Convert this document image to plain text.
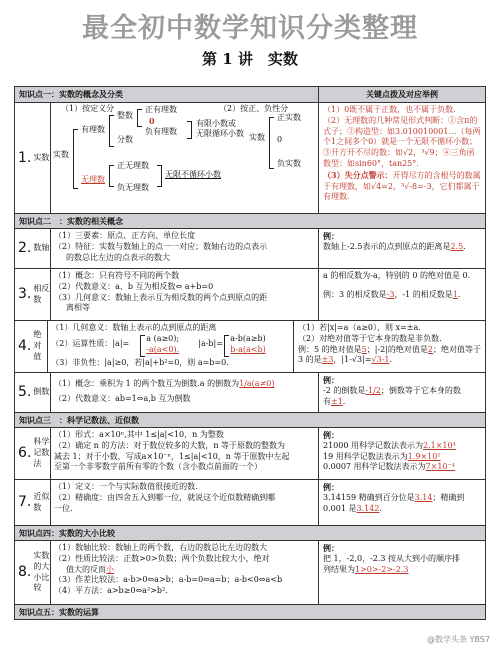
最全初中数学知识分类整理
第 1 讲　实数
知识点一：实数的概念及分类	关键点拨及对应举例
1. 实数
（1）按定义分	（2）按正、负性分
实数
有理数
整数
分数
正有理数
0
负有理数
有限小数或
无限循环小数
无理数
正无理数
负无理数
无限不循环小数
实数
正实数
0
负实数
（1）0既不属于正数，也不属于负数.
（2）无理数的几种常见形式判断：①含π的式子；②构造型：如3.010010001…（每两个1之间多个0）就是一个无限不循环小数；③开方开不尽的数：如√2，³√9；④三角函数型：如sin60°，tan25°.
（3）失分点警示：开得尽方的含根号的数属于有理数，如√4=2，³√-8=-3，它们都属于有理数.
知识点二　：实数的相关概念
2. 数轴
（1）三要素：原点、正方向、单位长度
（2）特征：实数与数轴上的点一一对应；数轴右边的点表示
的数总比左边的点表示的数大
例：
数轴上-2.5表示的点到原点的距离是2.5.
3. 相反数
（1）概念：只有符号不同的两个数
（2）代数意义：a、b 互为相反数⇔ a+b=0
（3）几何意义：数轴上表示互为相反数的两个点到原点的距
离相等
a 的相反数为-a，特别的 0 的绝对值是 0.
例：3 的相反数是-3，-1 的相反数是1.
4.
绝对值
（1）几何意义：数轴上表示的点到原点的距离
（2）运算性质：|a|=
a (a≥0);
-a(a<0).
|a-b|=
a-b(a≥b)
b-a(a<b)
（3）非负性：|a|≥0，若|a|+b²=0，则 a=b=0.
（1）若|x|=a（a≥0），则 x=±a.
（2）对绝对值等于它本身的数是非负数.
例：5 的绝对值是5；|-2|的绝对值是2；绝对值等于
3 的是±3，|1-√3|=√3-1.
5. 倒数
（1）概念：乘积为 1 的两个数互为倒数.a 的倒数为1/a(a≠0)
（2）代数意义：ab=1⇔a,b 互为倒数
例：
-2 的倒数是-1/2；倒数等于它本身的数
有±1.
知识点三　：科学记数法、近似数
6.
科学记数法
（1）形式：a×10ⁿ,其中 1≤|a|<10，n 为整数
（2）确定 n 的方法：对于数位较多的大数，n 等于原数的整数为
减去 1；对于小数，写成a×10⁻ⁿ，1≤|a|<10，n 等于原数中左起
至第一个非零数字前所有零的个数（含小数点前面的一个）
例：
21000 用科学记数法表示为2.1×10⁴
19 用科学记数法表示为1.9×10¹
0.0007 用科学记数法表示为7×10⁻⁴
7. 近似数
（1）定义：一个与实际数值很接近的数.
（2）精确度：由四舍五入到哪一位，就说这个近似数精确到哪
一位.
例：
3.14159 精确到百分位是3.14；精确到
0.001 是3.142.
知识点四：实数的大小比较
8.
实数的大小比较
（1）数轴比较：数轴上的两个数，右边的数总比左边的数大
（2）性质比较法：正数>0>负数；两个负数比较大小，绝对
值大的反而小
（3）作差比较法：a-b>0⇔a>b；a-b=0⇔a=b；a-b<0⇔a<b
（4）平方法：a>b≥0⇔a²>b².
例：
把 1，-2,0，-2.3 按从大到小的顺序排
列结果为1>0>-2>-2.3
知识点五：实数的运算
@数学头条 YBS7
